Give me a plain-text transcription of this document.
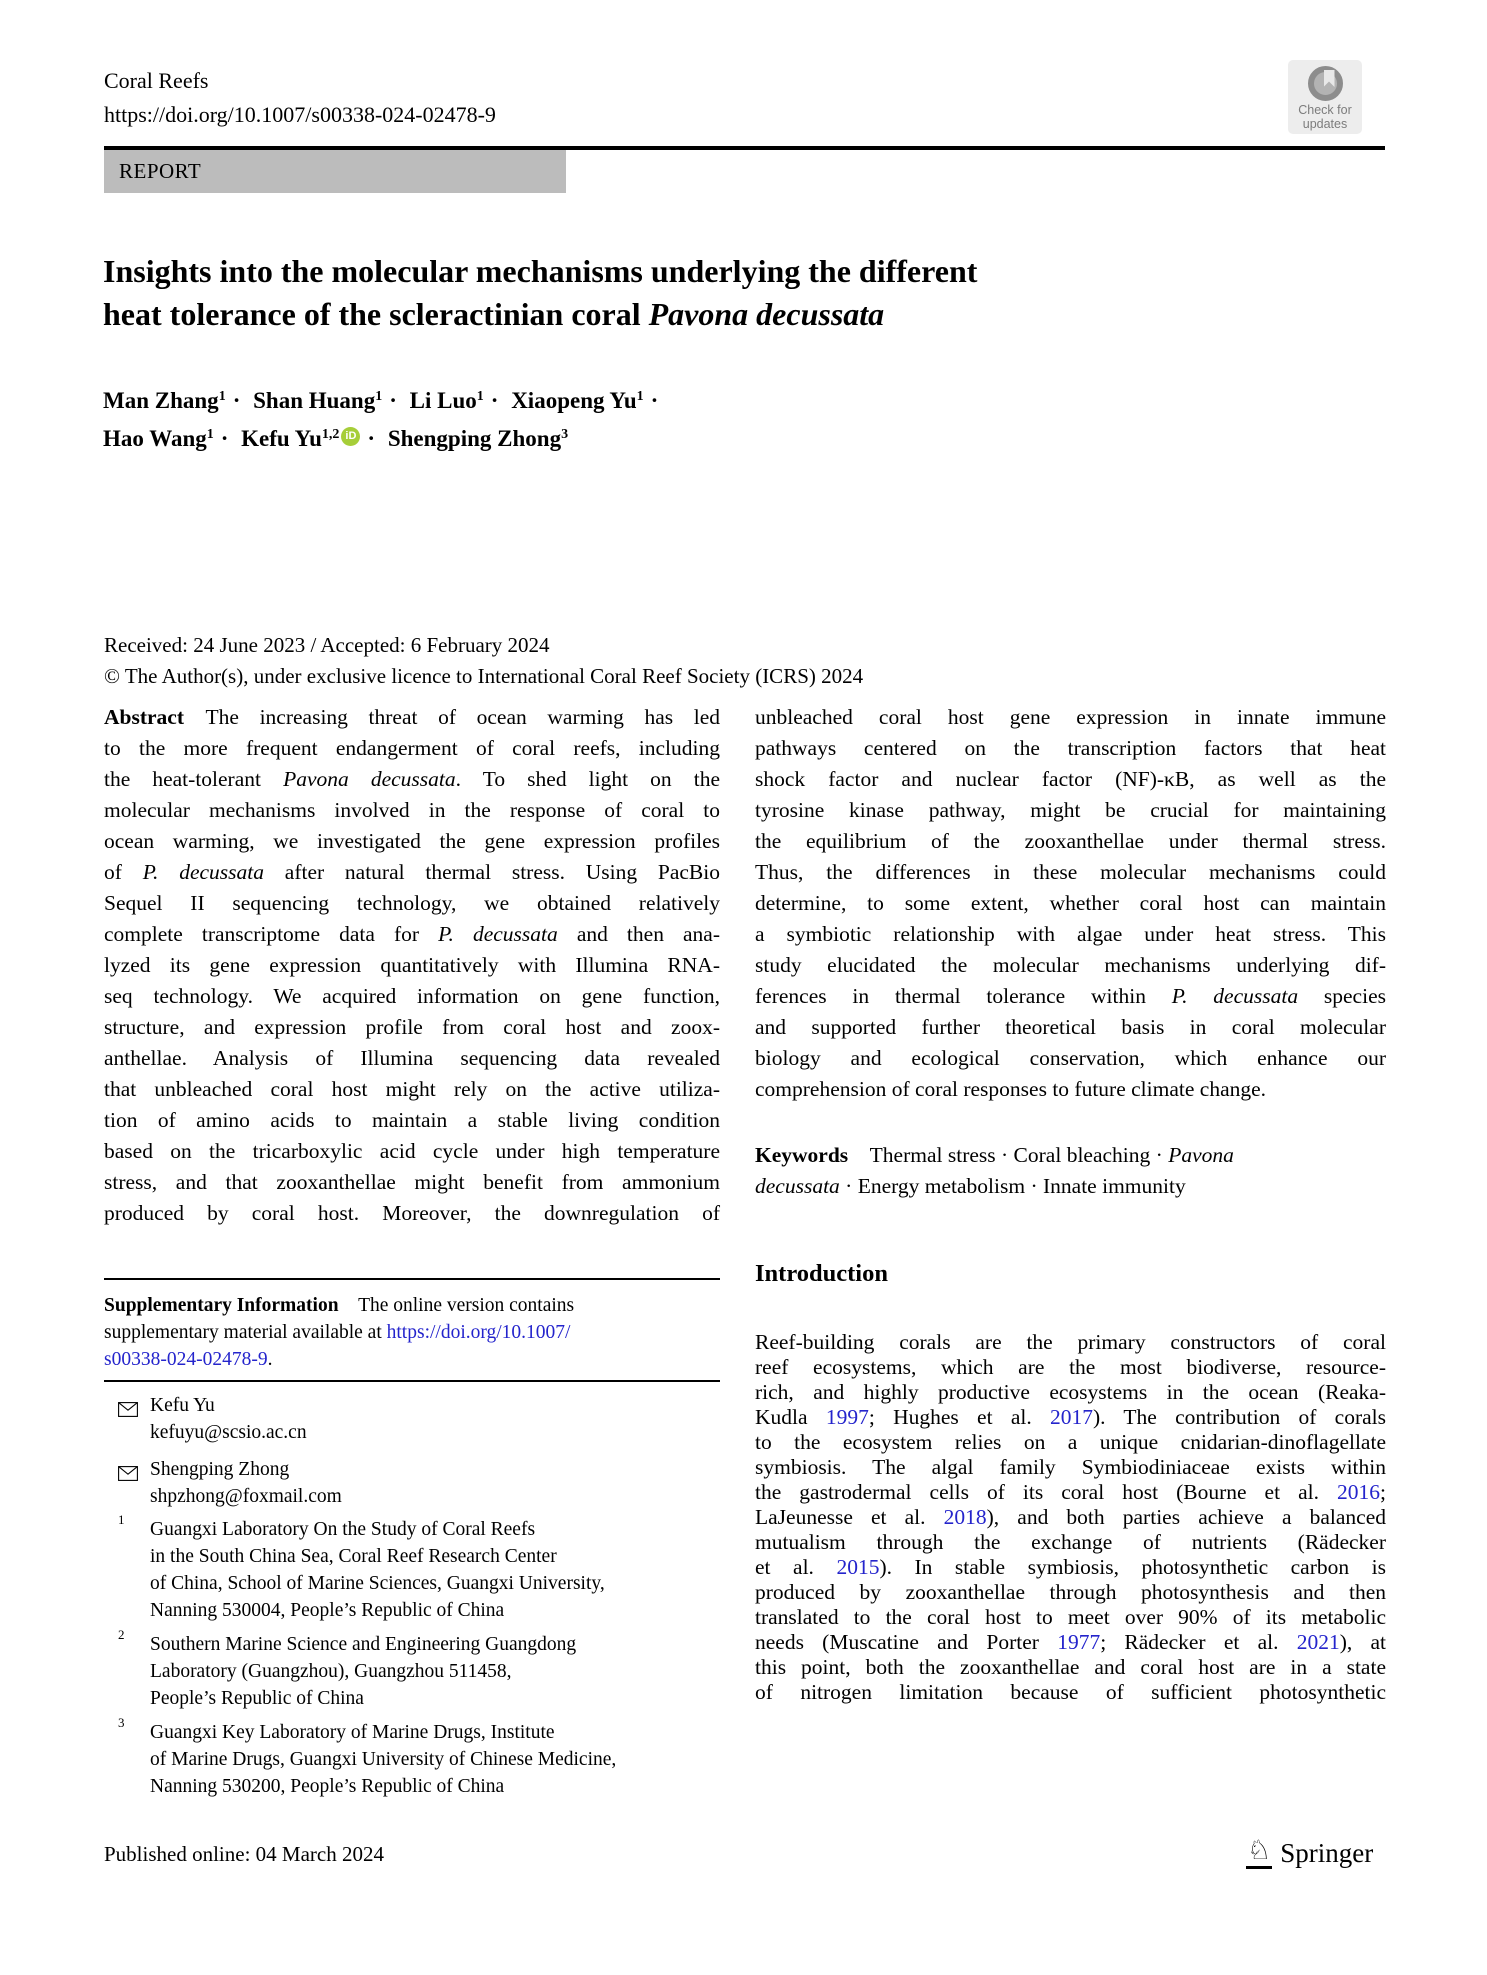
Coral Reefs
https://doi.org/10.1007/s00338-024-02478-9	Check for
updates
REPORT
Insights into the molecular mechanisms underlying the different
heat tolerance of the scleractinian coral Pavona decussata
Man Zhang$^1$ · Shan Huang$^1$ · Li Luo$^1$ · Xiaopeng $Yu^1$ ·
Hao Wang$^1$ · Kefu Yu$^{1,2}$ iD · Shengping Zhong$^3$
Received: 24 June 2023 / Accepted: 6 February 2024
© The Author(s), under exclusive licence to International Coral Reef Society (ICRS) 2024
Abstract The increasing threat of ocean warming has led
to the more frequent endangerment of coral reefs, including
the heat-tolerant Pavona decussata. To shed light on the
molecular mechanisms involved in the response of coral to
ocean warming, we investigated the gene expression profiles
of P. decussata after natural thermal stress. Using PacBio
Sequel II sequencing technology, we obtained relatively
complete transcriptome data for P. decussata and then ana-
lyzed its gene expression quantitatively with Illumina RNA-
seq technology. We acquired information on gene function,
structure, and expression profile from coral host and zoox-
anthellae. Analysis of Illumina sequencing data revealed
that unbleached coral host might rely on the active utiliza-
tion of amino acids to maintain a stable living condition
based on the tricarboxylic acid cycle under high temperature
stress, and that zooxanthellae might benefit from ammonium
produced by coral host. Moreover, the downregulation of
unbleached coral host gene expression in innate immune
pathways centered on the transcription factors that heat
shock factor and nuclear factor (NF)-κB, as well as the
tyrosine kinase pathway, might be crucial for maintaining
the equilibrium of the zooxanthellae under thermal stress.
Thus, the differences in these molecular mechanisms could
determine, to some extent, whether coral host can maintain
a symbiotic relationship with algae under heat stress. This
study elucidated the molecular mechanisms underlying dif-
ferences in thermal tolerance within P. decussata species
and supported further theoretical basis in coral molecular
biology and ecological conservation, which enhance our
comprehension of coral responses to future climate change.
Keywords Thermal stress · Coral bleaching · Pavona
decussata · Energy metabolism · Innate immunity
Introduction
Reef-building corals are the primary constructors of coral
reef ecosystems, which are the most biodiverse, resource-
rich, and highly productive ecosystems in the ocean (Reaka-
Kudla 1997; Hughes et al. 2017). The contribution of corals
to the ecosystem relies on a unique cnidarian-dinoflagellate
symbiosis. The algal family Symbiodiniaceae exists within
the gastrodermal cells of its coral host (Bourne et al. 2016;
LaJeunesse et al. 2018), and both parties achieve a balanced
mutualism through the exchange of nutrients (Rädecker
et al. 2015). In stable symbiosis, photosynthetic carbon is
produced by zooxanthellae through photosynthesis and then
translated to the coral host to meet over 90% of its metabolic
needs (Muscatine and Porter 1977; Rädecker et al. 2021), at
this point, both the zooxanthellae and coral host are in a state
of nitrogen limitation because of sufficient photosynthetic
Supplementary Information The online version contains
supplementary material available at https://doi.org/10.1007/
s00338-024-02478-9.
Kefu Yu
kefuyu@scsio.ac.cn
Shengping Zhong
shpzhong@foxmail.com
1 Guangxi Laboratory On the Study of Coral Reefs
in the South China Sea, Coral Reef Research Center
of China, School of Marine Sciences, Guangxi University,
Nanning 530004, People’s Republic of China
2 Southern Marine Science and Engineering Guangdong
Laboratory (Guangzhou), Guangzhou 511458,
People’s Republic of China
3 Guangxi Key Laboratory of Marine Drugs, Institute
of Marine Drugs, Guangxi University of Chinese Medicine,
Nanning 530200, People’s Republic of China
Published online: 04 March 2024	♘ Springer
